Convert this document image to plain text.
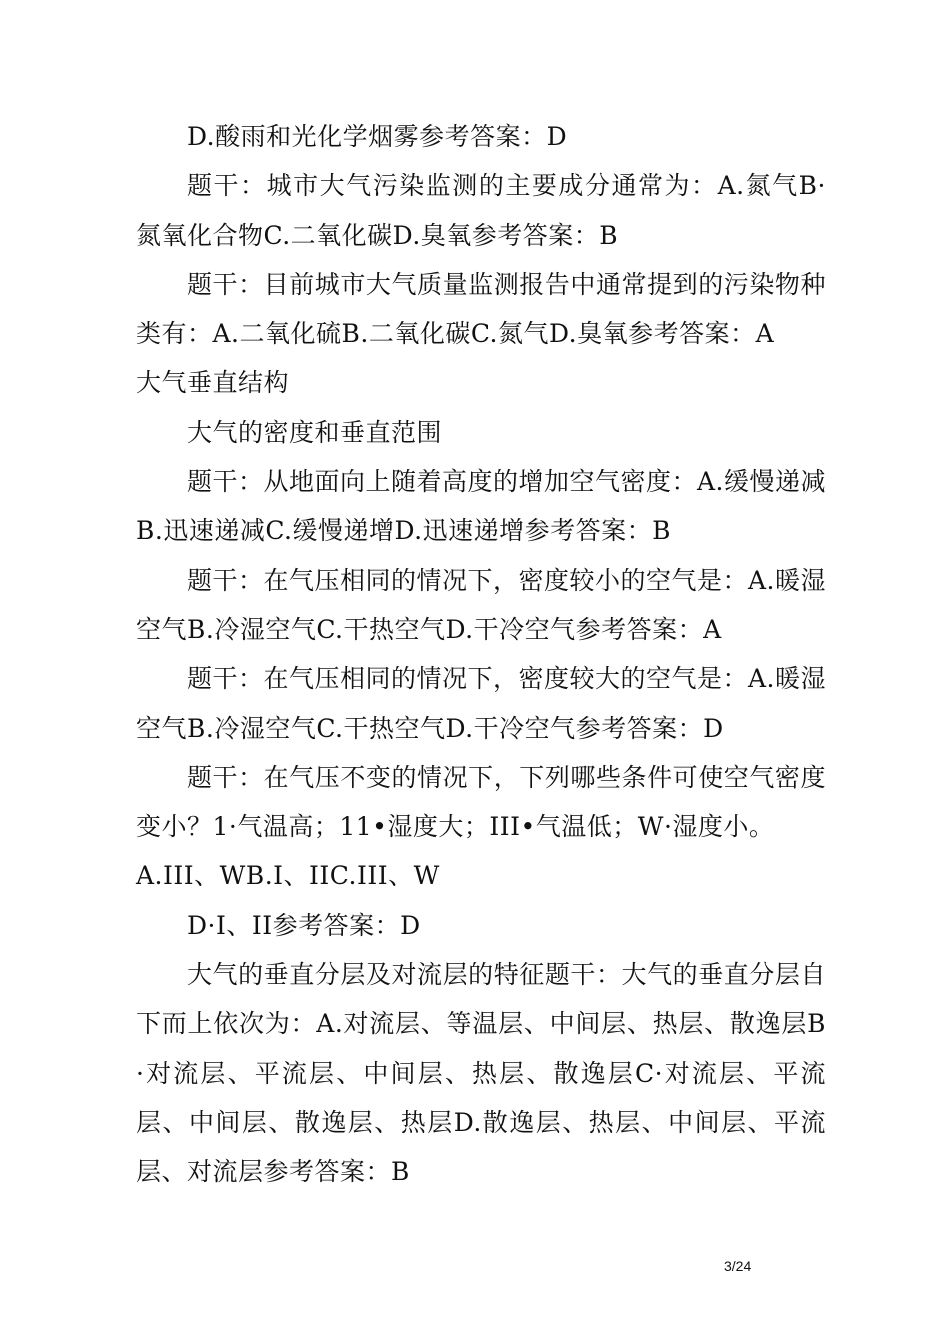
D.酸雨和光化学烟雾参考答案：D

题干：城市大气污染监测的主要成分通常为：A.氮气B·氮氧化合物C.二氧化碳D.臭氧参考答案：B

题干：目前城市大气质量监测报告中通常提到的污染物种类有：A.二氧化硫B.二氧化碳C.氮气D.臭氧参考答案：A

大气垂直结构

大气的密度和垂直范围

题干：从地面向上随着高度的增加空气密度：A.缓慢递减B.迅速递减C.缓慢递增D.迅速递增参考答案：B

题干：在气压相同的情况下，密度较小的空气是：A.暖湿空气B.冷湿空气C.干热空气D.干冷空气参考答案：A

题干：在气压相同的情况下，密度较大的空气是：A.暖湿空气B.冷湿空气C.干热空气D.干冷空气参考答案：D

题干：在气压不变的情况下，下列哪些条件可使空气密度变小？1·气温高；11•湿度大；III•气温低；W·湿度小。

A.III、WB.I、IIC.III、W

D·I、II参考答案：D

大气的垂直分层及对流层的特征题干：大气的垂直分层自下而上依次为：A.对流层、等温层、中间层、热层、散逸层B·对流层、平流层、中间层、热层、散逸层C·对流层、平流层、中间层、散逸层、热层D.散逸层、热层、中间层、平流层、对流层参考答案：B

3/24
